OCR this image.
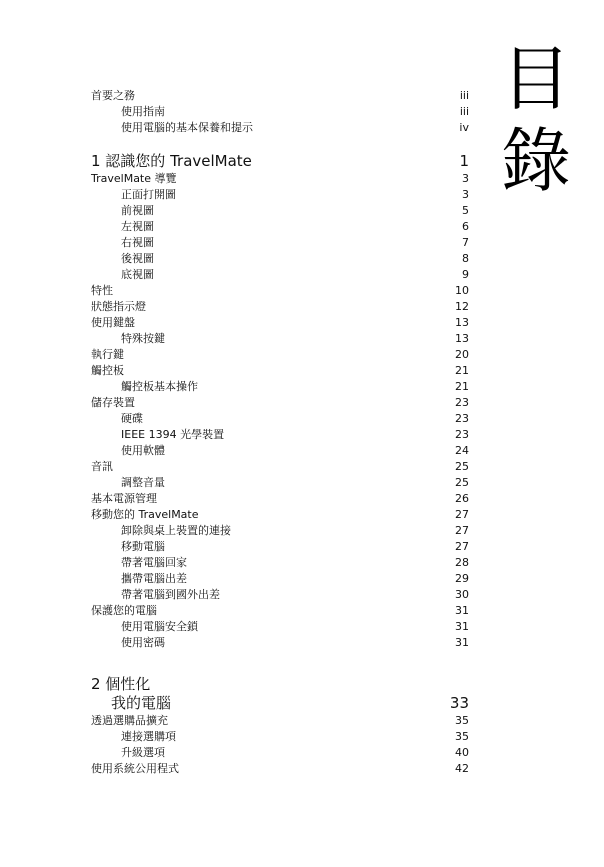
目
錄
首要之務	iii
使用指南	iii
使用電腦的基本保養和提示	iv
1 認識您的 TravelMate	1
TravelMate 導覽	3
正面打開圖	3
前視圖	5
左視圖	6
右視圖	7
後視圖	8
底視圖	9
特性	10
狀態指示燈	12
使用鍵盤	13
特殊按鍵	13
執行鍵	20
觸控板	21
觸控板基本操作	21
儲存裝置	23
硬碟	23
IEEE 1394 光學裝置	23
使用軟體	24
音訊	25
調整音量	25
基本電源管理	26
移動您的 TravelMate	27
卸除與桌上裝置的連接	27
移動電腦	27
帶著電腦回家	28
攜帶電腦出差	29
帶著電腦到國外出差	30
保護您的電腦	31
使用電腦安全鎖	31
使用密碼	31
2 個性化
我的電腦	33
透過選購品擴充	35
連接選購項	35
升級選項	40
使用系統公用程式	42
